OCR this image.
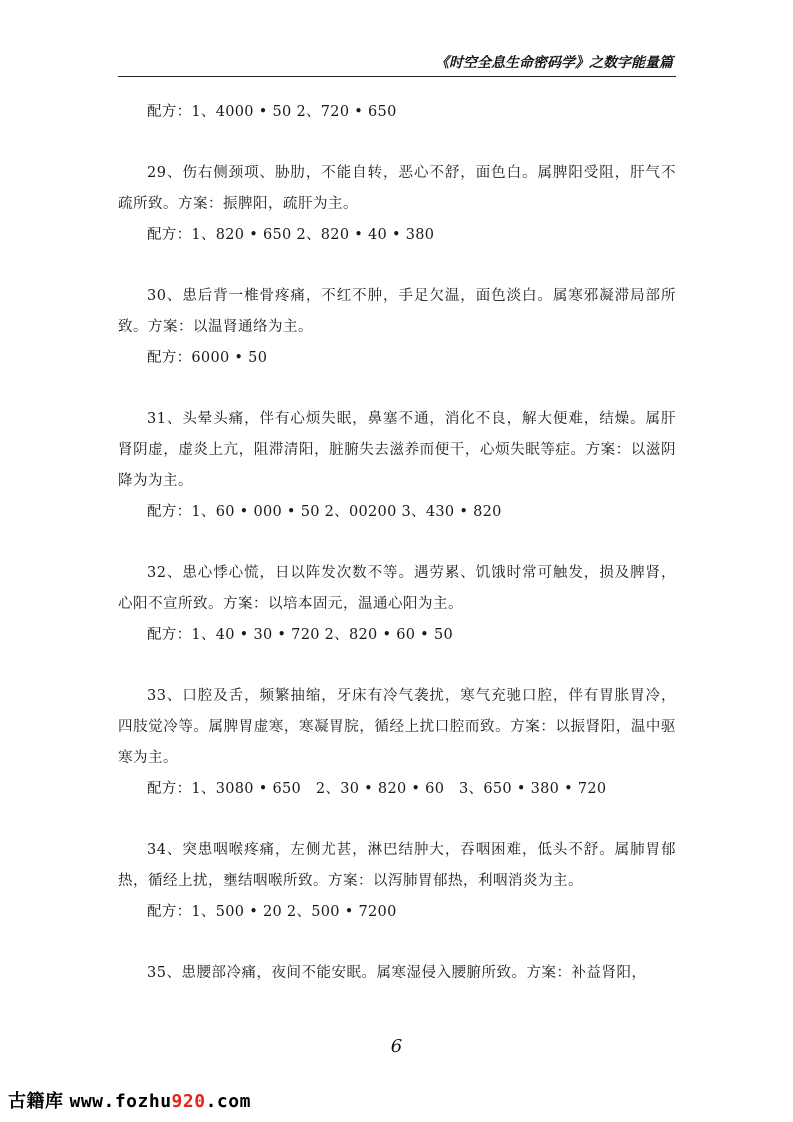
《时空全息生命密码学》之数字能量篇

配方：1、4000 • 50 2、720 • 650

29、伤右侧颈项、胁肋，不能自转，恶心不舒，面色白。属脾阳受阻，肝气不疏所致。方案：振脾阳，疏肝为主。

配方：1、820 • 650 2、820 • 40 • 380

30、患后背一椎骨疼痛，不红不肿，手足欠温，面色淡白。属寒邪凝滞局部所致。方案：以温肾通络为主。

配方：6000 • 50

31、头晕头痛，伴有心烦失眠，鼻塞不通，消化不良，解大便难，结燥。属肝肾阴虚，虚炎上亢，阻滞清阳，脏腑失去滋养而便干，心烦失眠等症。方案：以滋阴降为为主。

配方：1、60 • 000 • 50 2、00200 3、430 • 820

32、患心悸心慌，日以阵发次数不等。遇劳累、饥饿时常可触发，损及脾肾，心阳不宣所致。方案：以培本固元，温通心阳为主。

配方：1、40 • 30 • 720 2、820 • 60 • 50

33、口腔及舌，频繁抽缩，牙床有冷气袭扰，寒气充驰口腔，伴有胃胀胃冷，四肢觉冷等。属脾胃虚寒，寒凝胃脘，循经上扰口腔而致。方案：以振肾阳，温中驱寒为主。

配方：1、3080 • 650　2、30 • 820 • 60　3、650 • 380 • 720

34、突患咽喉疼痛，左侧尤甚，淋巴结肿大，吞咽困难，低头不舒。属肺胃郁热，循经上扰，壅结咽喉所致。方案：以泻肺胃郁热，利咽消炎为主。

配方：1、500 • 20 2、500 • 7200

35、患腰部冷痛，夜间不能安眠。属寒湿侵入腰腑所致。方案：补益肾阳，

6
古籍库 www.fozhu920.com
